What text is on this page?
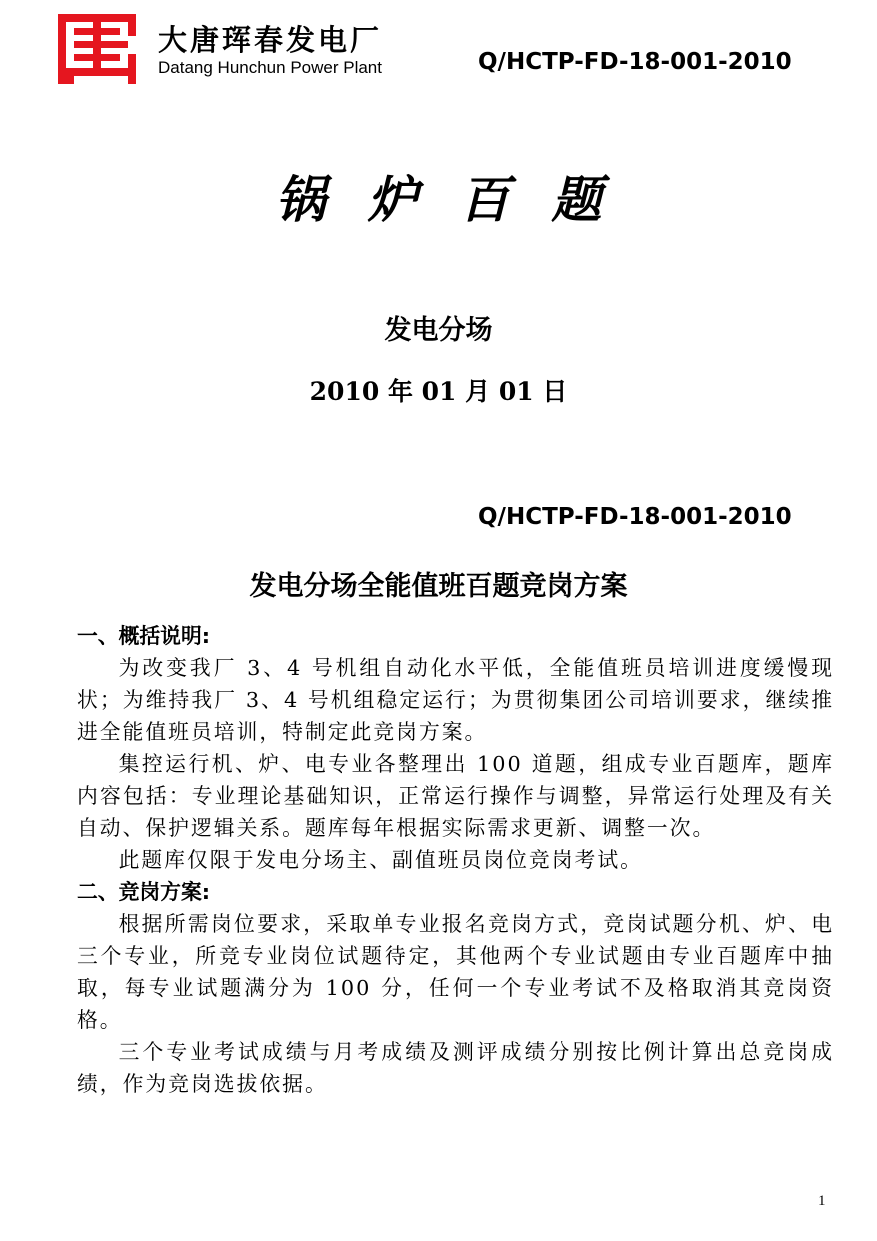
大唐珲春发电厂
Datang Hunchun Power Plant	Q/HCTP-FD-18-001-2010
锅炉百题
发电分场
2010 年 01 月 01 日
Q/HCTP-FD-18-001-2010
发电分场全能值班百题竞岗方案
一、概括说明:

为改变我厂 3、4 号机组自动化水平低，全能值班员培训进度缓慢现状；为维持我厂 3、4 号机组稳定运行；为贯彻集团公司培训要求，继续推进全能值班员培训，特制定此竞岗方案。

集控运行机、炉、电专业各整理出 100 道题，组成专业百题库，题库内容包括：专业理论基础知识，正常运行操作与调整，异常运行处理及有关自动、保护逻辑关系。题库每年根据实际需求更新、调整一次。

此题库仅限于发电分场主、副值班员岗位竞岗考试。

二、竞岗方案:

根据所需岗位要求，采取单专业报名竞岗方式，竞岗试题分机、炉、电三个专业，所竞专业岗位试题待定，其他两个专业试题由专业百题库中抽取，每专业试题满分为 100 分，任何一个专业考试不及格取消其竞岗资格。

三个专业考试成绩与月考成绩及测评成绩分别按比例计算出总竞岗成绩，作为竞岗选拔依据。

1
